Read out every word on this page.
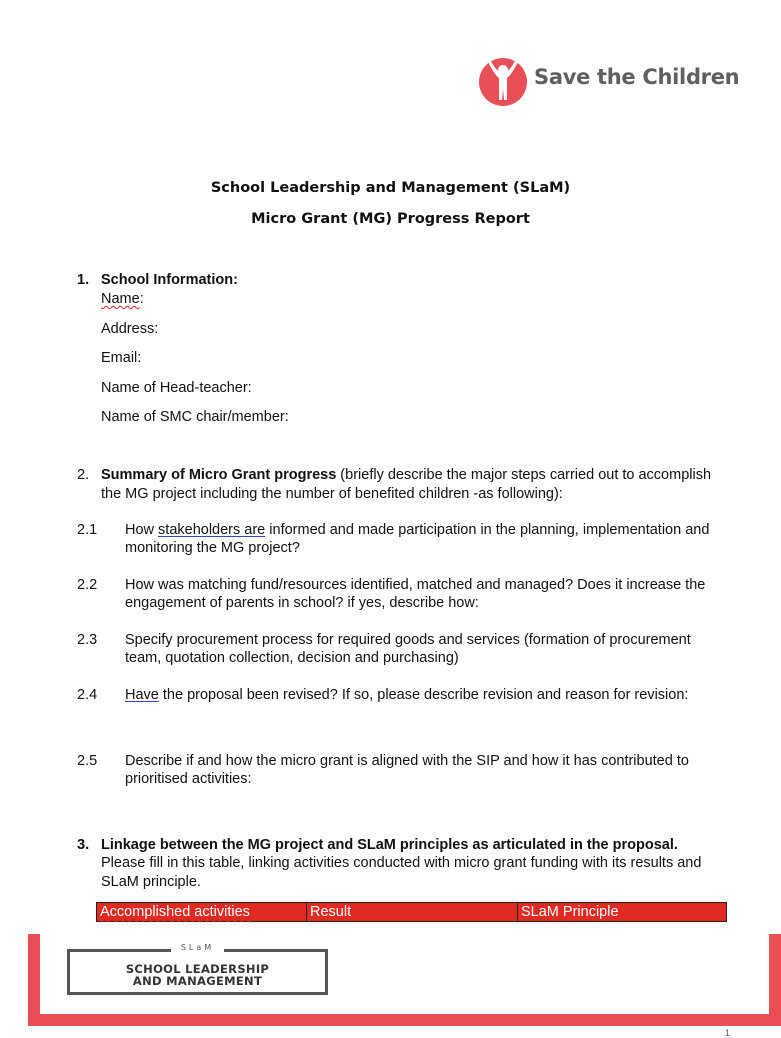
Save the Children
School Leadership and Management (SLaM)
Micro Grant (MG) Progress Report
1. School Information:
Name:
Address:
Email:
Name of Head-teacher:
Name of SMC chair/member:
2. Summary of Micro Grant progress (briefly describe the major steps carried out to accomplish
the MG project including the number of benefited children -as following):
2.1 How stakeholders are informed and made participation in the planning, implementation and
monitoring the MG project?
2.2 How was matching fund/resources identified, matched and managed? Does it increase the
engagement of parents in school? if yes, describe how:
2.3 Specify procurement process for required goods and services (formation of procurement
team, quotation collection, decision and purchasing)
2.4 Have the proposal been revised? If so, please describe revision and reason for revision:
2.5 Describe if and how the micro grant is aligned with the SIP and how it has contributed to
prioritised activities:
3. Linkage between the MG project and SLaM principles as articulated in the proposal.
Please fill in this table, linking activities conducted with micro grant funding with its results and
SLaM principle.
Accomplished activities	Result	SLaM Principle
SLaM
SCHOOL LEADERSHIP
AND MANAGEMENT
1
